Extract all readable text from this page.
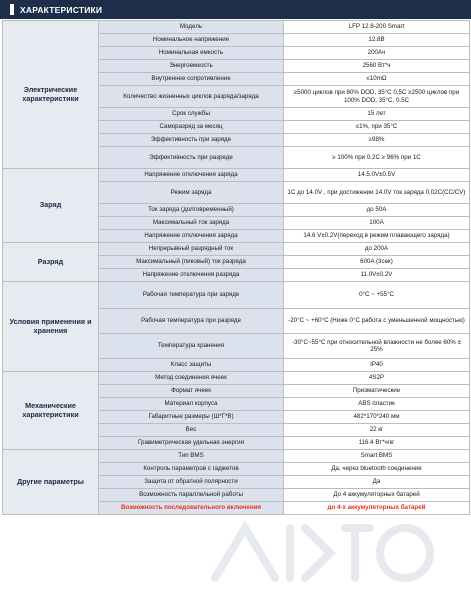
ХАРАКТЕРИСТИКИ
Электрические характеристики	Модель	LFP 12.8-200 Smart
	Номинальное напряжение	12.8В
	Номинальная емкость	200Ач
	Энергоемкость	2560 Вт*ч
	Внутреннее сопротивление	≤10mΩ
	Количество жизненных циклов разряда/заряда	≥5000 циклов при 80% DOD, 35°C 0.5C ≥2500 циклов при 100% DOD, 35°C, 0.5C
	Срок службы	15 лет
	Саморазряд за месяц	≤1%, при 35°C
	Эффективность при заряде	≥98%
	Эффективность при разряде	≥ 100% при 0.2C ≥ 96% при 1C
Заряд	Напряжение отключения заряда	14.5.0V±0.5V
	Режим заряда	1C до 14.0V , при достижении 14.0V ток заряда 0.02C(CC/CV)
	Ток заряда (долговременный)	до 50A
	Максимальный ток заряда	100A
	Напряжение отключения заряда	14.6 V±0.2V(переход в режим плавающего заряда)
Разряд	Непрерывный разрядный ток	до 200A
	Максимальный (пиковый) ток разряда	600A (3сек)
	Напряжение отключения разряда	11.0V±0.2V
Условия применения и хранения	Рабочая температура при заряде	0°C ~ +55°C
	Рабочая температура при разряде	-20°C ~ +60°C (Ниже 0°C работа с уменьшенной мощностью)
	Температура хранения	-30°C~55°C при относительной влажности не более 60% ± 25%
	Класс защиты	IP40
Механические характеристики	Метод соединения ячеек	4S2P
	Формат ячеек	Призматические
	Материал корпуса	ABS пластик
	Габаритные размеры (Ш*Г*В)	482*170*240 мм
	Вес	22 кг
	Гравиметрическая удельная энергия	116.4 Вт*ч/кг
Другие параметры	Тип BMS	Smart BMS
	Контроль параметров с гаджетов	Да, через bluetooth соединение
	Защита от обратной полярности	Да
	Возможность параллельной работы	До 4 аккумуляторных батарей
	Возможность последовательного включения	до 4-х аккумуляторных батарей
